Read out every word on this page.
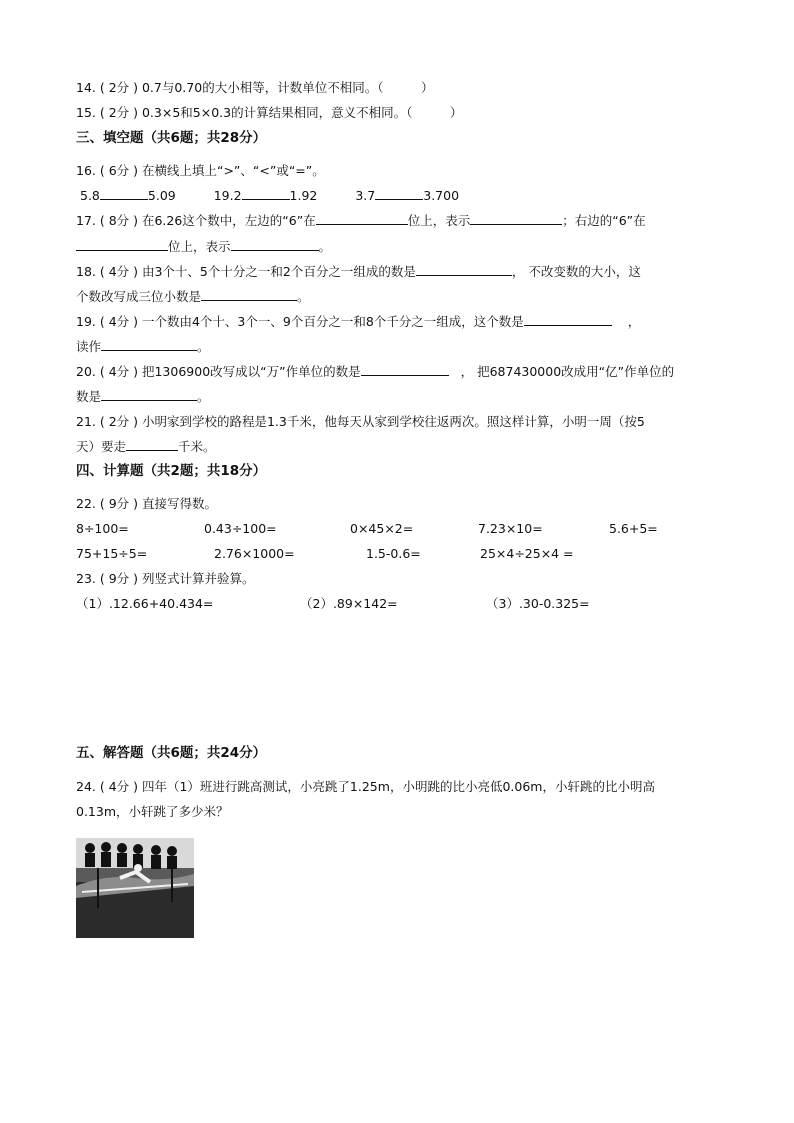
14. ( 2分 ) 0.7与0.70的大小相等，计数单位不相同。（　　　）
15. ( 2分 ) 0.3×5和5×0.3的计算结果相同，意义不相同。（　　　）
三、填空题（共6题；共28分）
16. ( 6分 ) 在横线上填上“>”、“<”或“=”。
5.8	5.09	19.2	1.92	3.7	3.700
17. ( 8分 ) 在6.26这个数中，左边的“6”在	位上，表示	；右边的“6”在
位上，表示	。
18. ( 4分 ) 由3个十、5个十分之一和2个百分之一组成的数是	， 不改变数的大小，这
个数改写成三位小数是	。
19. ( 4分 ) 一个数由4个十、3个一、9个百分之一和8个千分之一组成，这个数是	，
读作	。
20. ( 4分 ) 把1306900改写成以“万”作单位的数是	， 把687430000改成用“亿”作单位的
数是	。
21. ( 2分 ) 小明家到学校的路程是1.3千米，他每天从家到学校往返两次。照这样计算，小明一周（按5
天）要走	千米。
四、计算题（共2题；共18分）
22. ( 9分 ) 直接写得数。
8÷100=	0.43÷100=	0×45×2=	7.23×10=	5.6+5=
75+15÷5=	2.76×1000=	1.5-0.6=	25×4÷25×4 =
23. ( 9分 ) 列竖式计算并验算。
（1）.12.66+40.434=	（2）.89×142=	（3）.30-0.325=
五、解答题（共6题；共24分）
24. ( 4分 ) 四年（1）班进行跳高测试，小亮跳了1.25m，小明跳的比小亮低0.06m，小轩跳的比小明高
0.13m，小轩跳了多少米？
